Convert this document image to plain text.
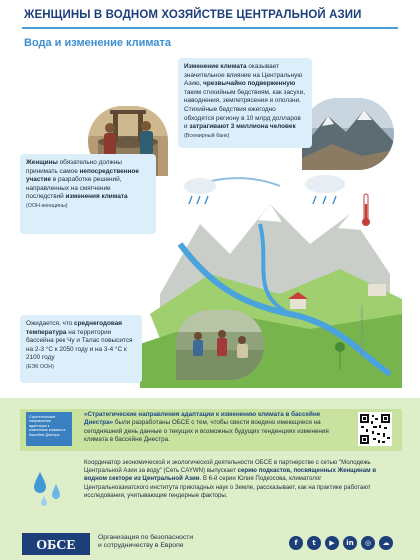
ЖЕНЩИНЫ В ВОДНОМ ХОЗЯЙСТВЕ ЦЕНТРАЛЬНОЙ АЗИИ
Вода и изменение климата
Изменение климата оказывает значительное влияние на Центральную Азию, чрезвычайно подверженную таким стихийным бедствиям, как засухи, наводнения, землетрясения и оползни. Стихийные бедствия ежегодно обходятся региону в 10 млрд долларов и затрагивают 3 миллиона человек
(Всемирный банк)
Женщины обязательно должны принимать самое непосредственное участие в разработке решений, направленных на смягчение последствий изменения климата
(ООН-женщины)
Image: Zoï Environment Network
Ожидается, что среднегодовая температура на территории бассейна рек Чу и Талас повысится на 2-3 °С к 2050 году и на 3-4 °С к 2100 году
(ЕЭК ООН)
Стратегические направления адаптации к изменению климата в бассейне Днестра
«Стратегические направления адаптации к изменению климата в бассейне Днестра» были разработаны ОБСЕ с тем, чтобы свести воедино имеющиеся на сегодняшний день данные о текущих и возможных будущих тенденциях изменения климата в бассейне Днестра.
Координатор экономической и экологической деятельности ОБСЕ в партнерстве с сетью "Молодежь Центральной Азии за воду" (Сеть CAYWN) выпускает серию подкастов, посвященных Женщинам в водном секторе из Центральной Азии. В 6-й серии Юлия Подкосова, климатолог Центральноазиатского института прикладных наук о Земле, рассказывает, как на практике работают исследования, учитывающие гендерные факторы.
ОБСЕ
Организация по безопасности
и сотрудничеству в Европе	f	t	▶	in	◎	☁
